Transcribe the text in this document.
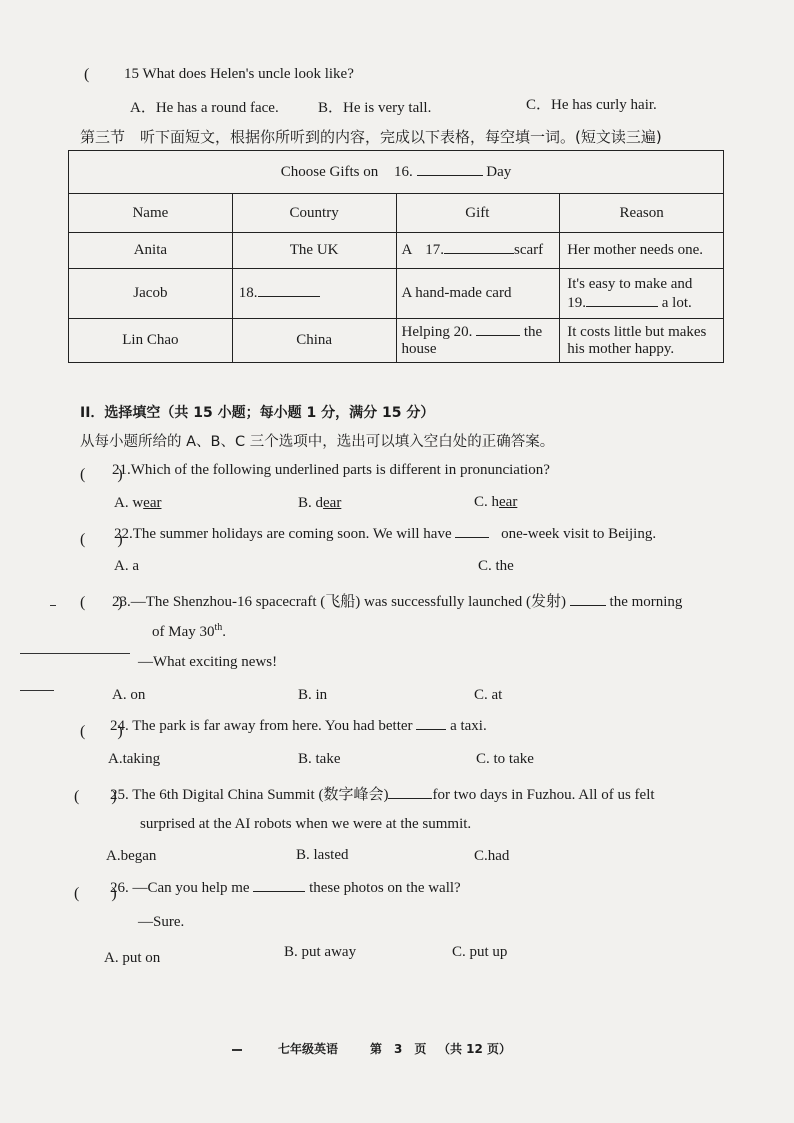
( 15 What does Helen's uncle look like?
A．He has a round face.	B．He is very tall.	C．He has curly hair.
第三节　听下面短文，根据你所听到的内容，完成以下表格，每空填一词。(短文读三遍)
Choose Gifts on 16. Day			
Name	Country	Gift	Reason
Anita	The UK	A 17. scarf	Her mother needs one.
Jacob	18.	A hand-made card	It's easy to make and
19. a lot.

Lin Chao	China	Helping 20. the house	It costs little but makes his mother happy.
II．选择填空（共 15 小题；每小题 1 分，满分 15 分）
从每小题所给的 A、B、C 三个选项中，选出可以填入空白处的正确答案。
(　　)
21.Which of the following underlined parts is different in pronunciation?
A. wear	B. dear	C. hear
(　　)
22.The summer holidays are coming soon. We will have	one-week visit to Beijing.
A. a	C. the
(　　)
23.—The Shenzhou-16 spacecraft (飞船) was successfully launched (发射)	the morning
of May 30th.
—What exciting news!
A. on	B. in	C. at
(　　)
24. The park is far away from here. You had better	a taxi.
A.taking	B. take	C. to take
(　　)
25. The 6th Digital China Summit (数字峰会)	for two days in Fuzhou. All of us felt
surprised at the AI robots when we were at the summit.
A.began	B. lasted	C.had
(　　)
26. —Can you help me	these photos on the wall?
—Sure.
A. put on	B. put away	C. put up
七年级英语	第　3　页 （共 12 页）
